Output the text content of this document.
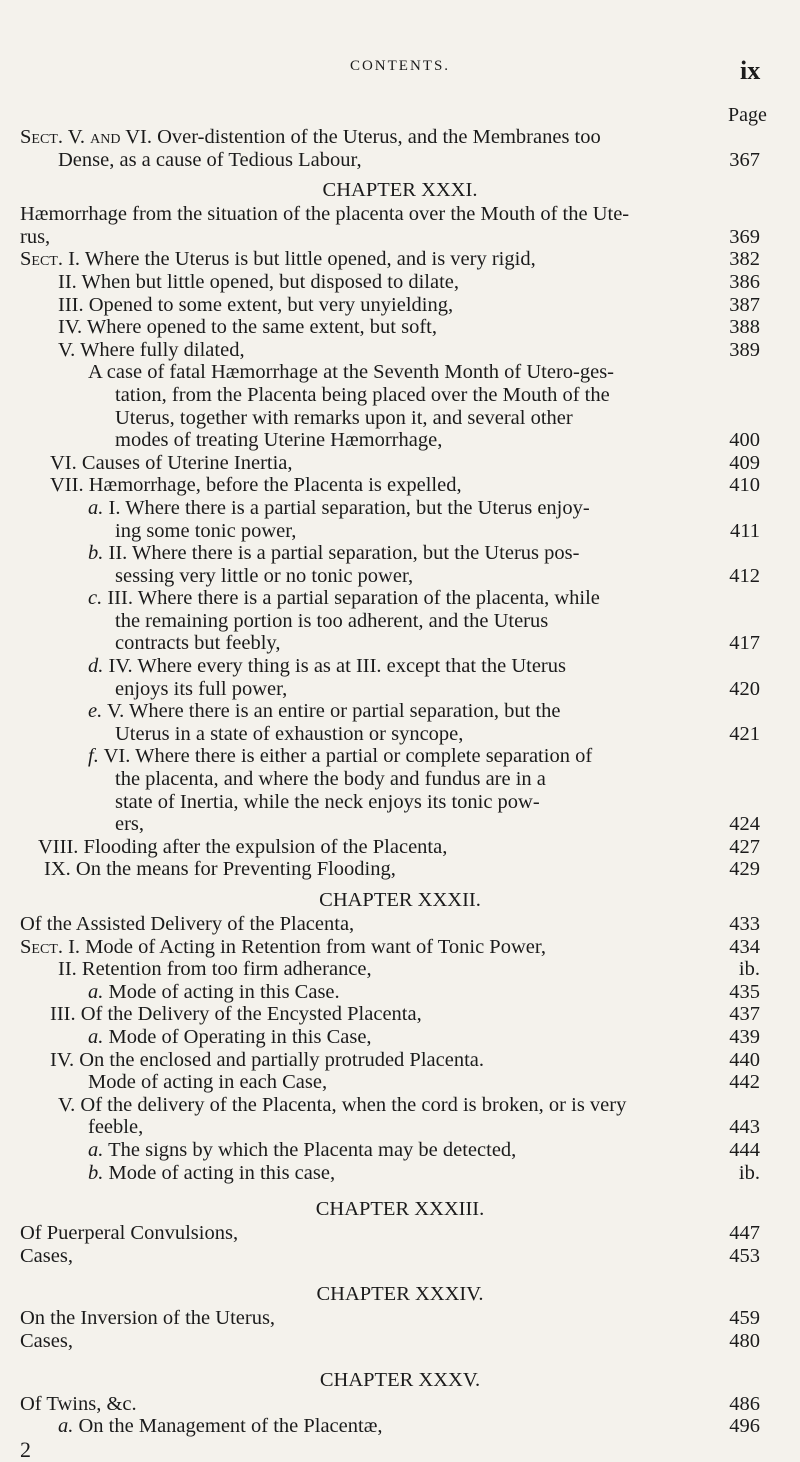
CONTENTS.	ix
Page
Sect. V. and VI. Over-distention of the Uterus, and the Membranes too
Dense, as a cause of Tedious Labour,	367
CHAPTER XXXI.
Hæmorrhage from the situation of the placenta over the Mouth of the Ute-
rus,	369
Sect. I. Where the Uterus is but little opened, and is very rigid,	382
II. When but little opened, but disposed to dilate,	386
III. Opened to some extent, but very unyielding,	387
IV. Where opened to the same extent, but soft,	388
V. Where fully dilated,	389
A case of fatal Hæmorrhage at the Seventh Month of Utero-ges-
tation, from the Placenta being placed over the Mouth of the
Uterus, together with remarks upon it, and several other
modes of treating Uterine Hæmorrhage,	400
VI. Causes of Uterine Inertia,	409
VII. Hæmorrhage, before the Placenta is expelled,	410
a. I. Where there is a partial separation, but the Uterus enjoy-
ing some tonic power,	411
b. II. Where there is a partial separation, but the Uterus pos-
sessing very little or no tonic power,	412
c. III. Where there is a partial separation of the placenta, while
the remaining portion is too adherent, and the Uterus
contracts but feebly,	417
d. IV. Where every thing is as at III. except that the Uterus
enjoys its full power,	420
e. V. Where there is an entire or partial separation, but the
Uterus in a state of exhaustion or syncope,	421
f. VI. Where there is either a partial or complete separation of
the placenta, and where the body and fundus are in a
state of Inertia, while the neck enjoys its tonic pow-
ers,	424
VIII. Flooding after the expulsion of the Placenta,	427
IX. On the means for Preventing Flooding,	429
CHAPTER XXXII.
Of the Assisted Delivery of the Placenta,	433
Sect. I. Mode of Acting in Retention from want of Tonic Power,	434
II. Retention from too firm adherance,	ib.
a. Mode of acting in this Case.	435
III. Of the Delivery of the Encysted Placenta,	437
a. Mode of Operating in this Case,	439
IV. On the enclosed and partially protruded Placenta.	440
Mode of acting in each Case,	442
V. Of the delivery of the Placenta, when the cord is broken, or is very
feeble,	443
a. The signs by which the Placenta may be detected,	444
b. Mode of acting in this case,	ib.
CHAPTER XXXIII.
Of Puerperal Convulsions,	447
Cases,	453
CHAPTER XXXIV.
On the Inversion of the Uterus,	459
Cases,	480
CHAPTER XXXV.
Of Twins, &c.	486
a. On the Management of the Placentæ,	496
2
